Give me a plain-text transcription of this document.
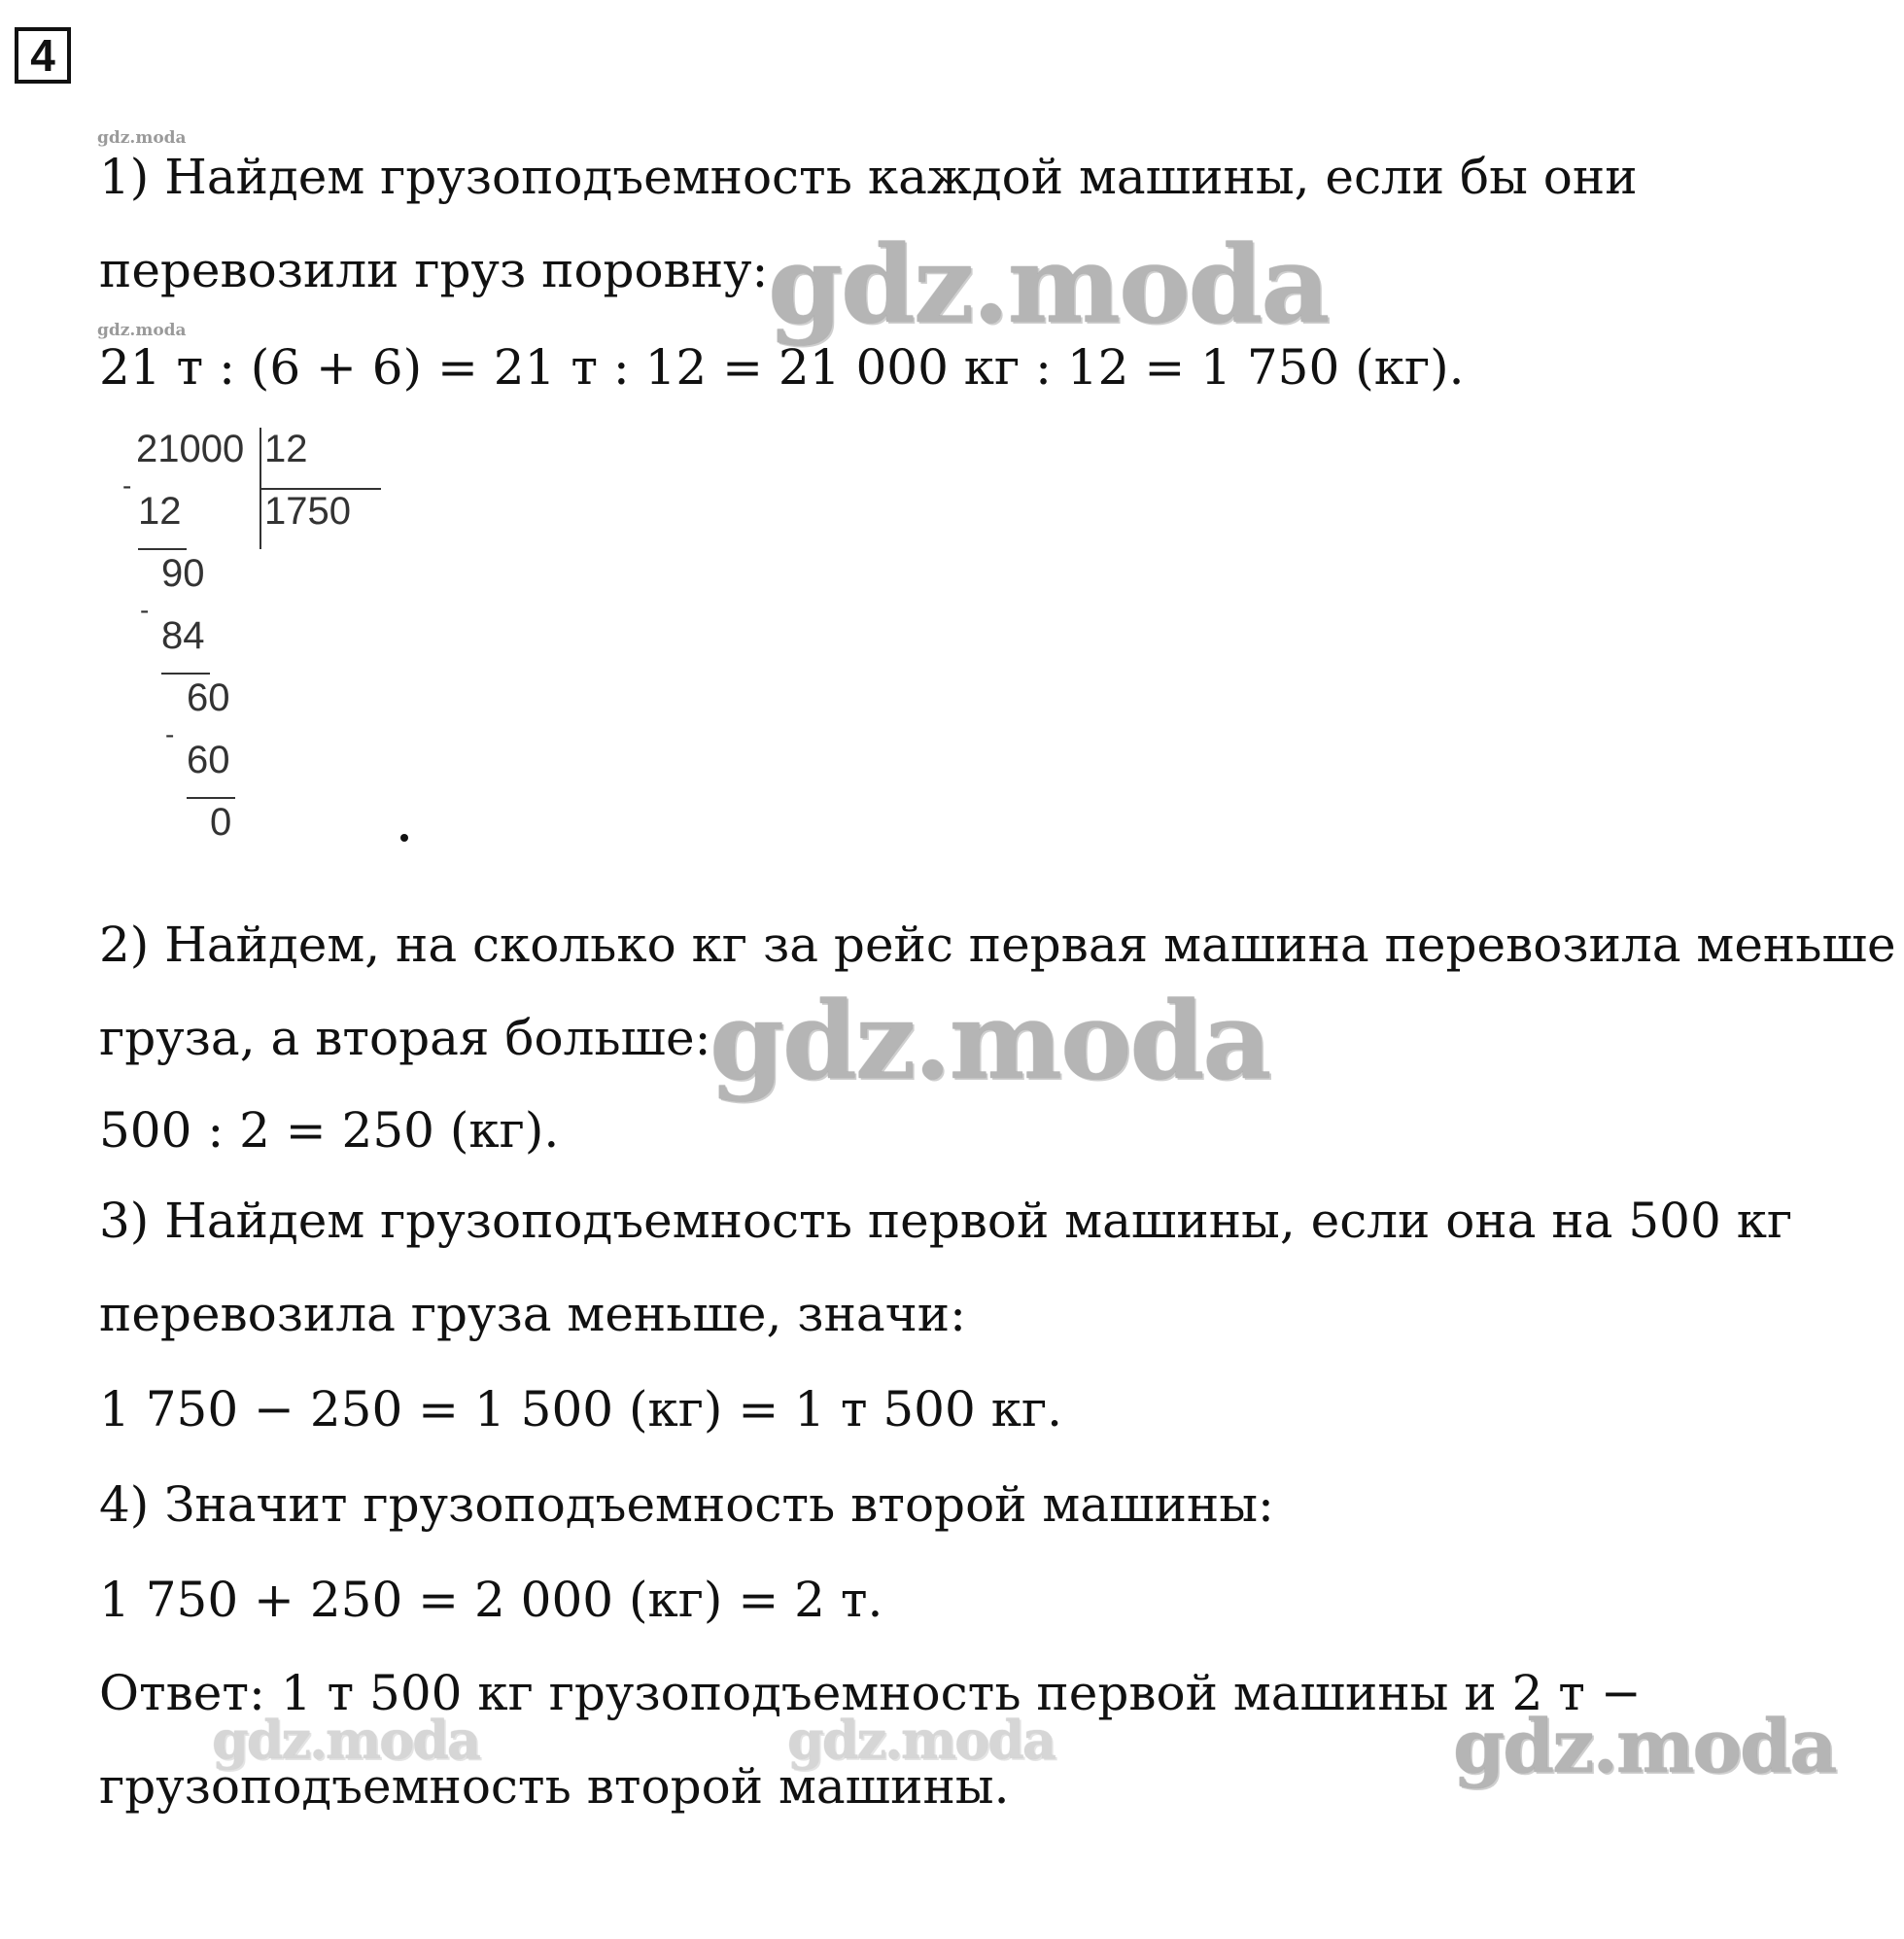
4
gdz.moda
1) Найдем грузоподъемность каждой машины, если бы они
перевозили груз поровну: gdz.moda
gdz.moda
21 т : (6 + 6) = 21 т : 12 = 21 000 кг : 12 = 1 750 (кг).
21000 12
1750
-
12
90
-
84
60
-
60
0
2) Найдем, на сколько кг за рейс первая машина перевозила меньше
груза, а вторая больше:
gdz.moda
500 : 2 = 250 (кг).
3) Найдем грузоподъемность первой машины, если она на 500 кг
перевозила груза меньше, значи:
1 750 − 250 = 1 500 (кг) = 1 т 500 кг.
4) Значит грузоподъемность второй машины:
1 750 + 250 = 2 000 (кг) = 2 т.
Ответ: 1 т 500 кг грузоподъемность первой машины и 2 т −
грузоподъемность второй машины.
gdz.moda	gdz.moda	gdz.moda
